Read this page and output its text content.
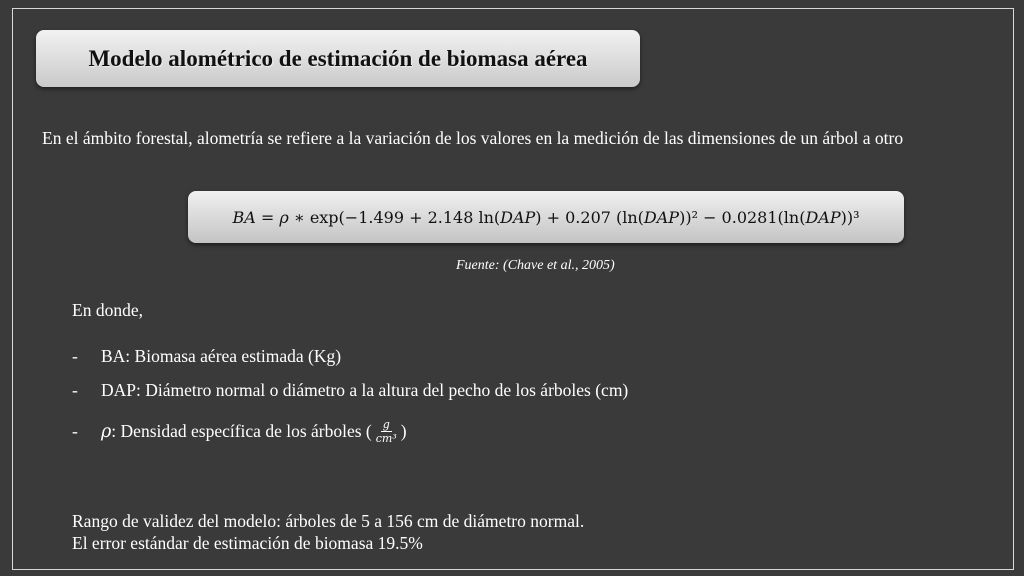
Modelo alométrico de estimación de biomasa aérea
En el ámbito forestal, alometría se refiere a la variación de los valores en la medición de las dimensiones de un árbol a otro
BA = ρ ∗ exp(−1.499 + 2.148 ln( DAP ) + 0.207 (ln( DAP ))² − 0.0281(ln( DAP ))³
Fuente: (Chave et al., 2005)
En donde,
-	BA: Biomasa aérea estimada (Kg)
-	DAP: Diámetro normal o diámetro a la altura del pecho de los árboles (cm)
-	ρ : Densidad específica de los árboles ( $\frac{g}{\text{cm³}}$ )
Rango de validez del modelo: árboles de 5 a 156 cm de diámetro normal.
El error estándar de estimación de biomasa 19.5%
